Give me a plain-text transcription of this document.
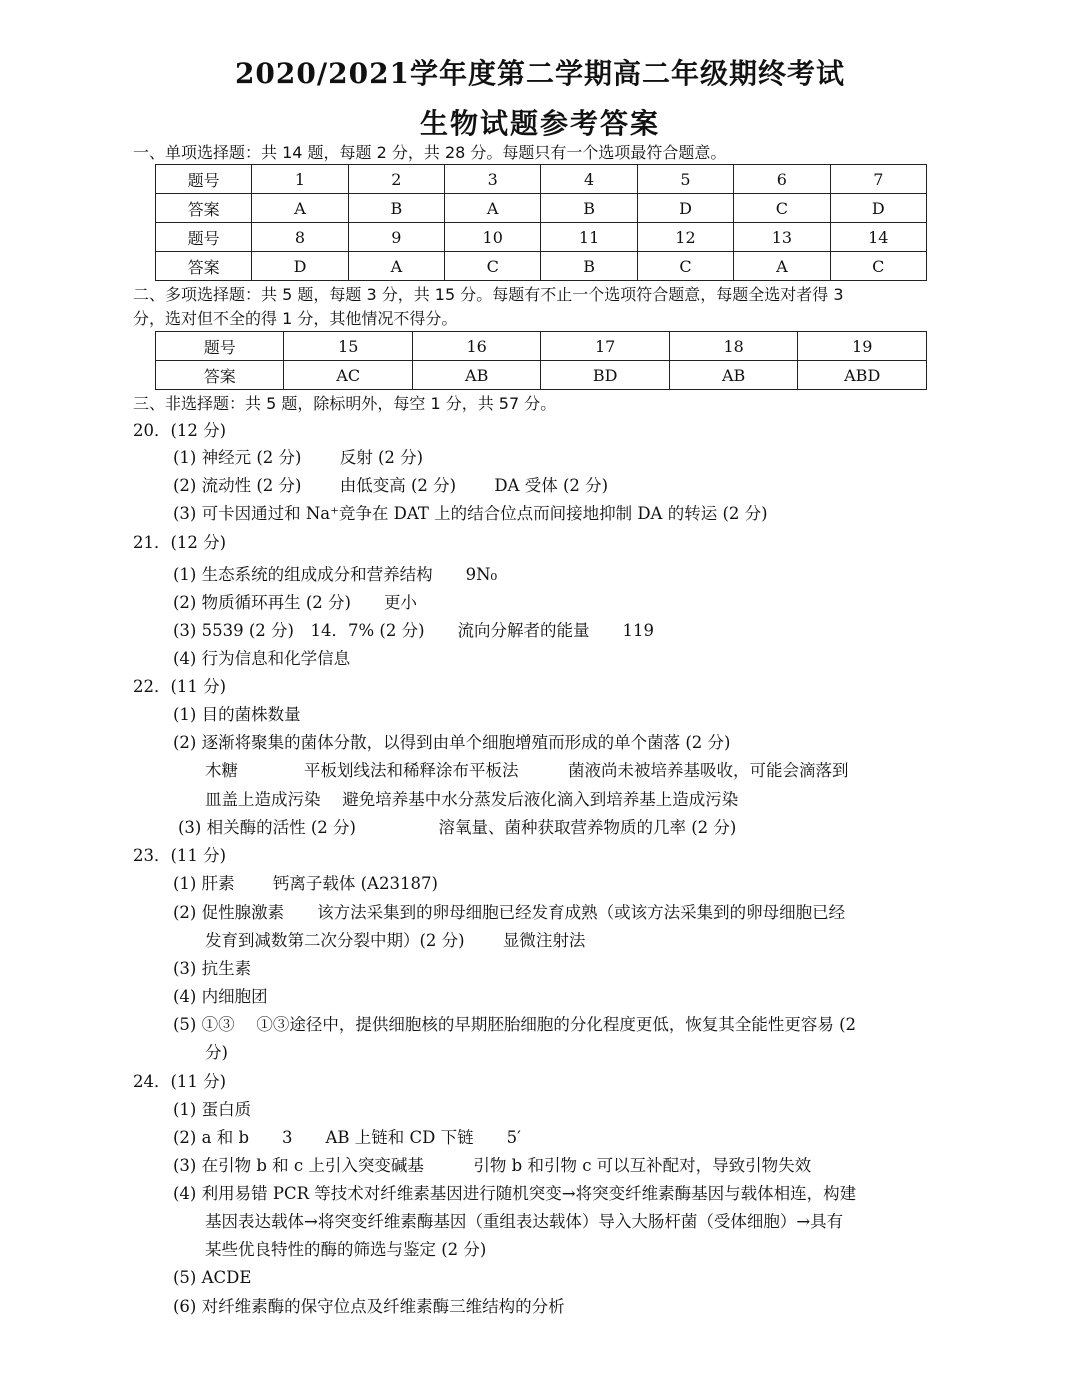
2020/2021学年度第二学期高二年级期终考试
生物试题参考答案
一、单项选择题：共 14 题，每题 2 分，共 28 分。每题只有一个选项最符合题意。
题号	1	2	3	4	5	6	7
答案	A	B	A	B	D	C	D
题号	8	9	10	11	12	13	14
答案	D	A	C	B	C	A	C
二、多项选择题：共 5 题，每题 3 分，共 15 分。每题有不止一个选项符合题意，每题全选对者得 3
分，选对但不全的得 1 分，其他情况不得分。
题号	15	16	17	18	19
答案	AC	AB	BD	AB	ABD
三、非选择题：共 5 题，除标明外，每空 1 分，共 57 分。
20．(12 分)
(1) 神经元 (2 分)　　 反射 (2 分)
(2) 流动性 (2 分)　　 由低变高 (2 分)　　 DA 受体 (2 分)
(3) 可卡因通过和 Na⁺竞争在 DAT 上的结合位点而间接地抑制 DA 的转运 (2 分)
21．(12 分)
(1) 生态系统的组成成分和营养结构　　9N₀
(2) 物质循环再生 (2 分)　　更小
(3) 5539 (2 分)　14．7% (2 分)　　流向分解者的能量　　119
(4) 行为信息和化学信息
22．(11 分)
(1) 目的菌株数量
(2) 逐渐将聚集的菌体分散，以得到由单个细胞增殖而形成的单个菌落 (2 分)
木糖　　　　平板划线法和稀释涂布平板法　　　菌液尚未被培养基吸收，可能会滴落到
皿盖上造成污染　 避免培养基中水分蒸发后液化滴入到培养基上造成污染
(3) 相关酶的活性 (2 分)　　　　　溶氧量、菌种获取营养物质的几率 (2 分)
23．(11 分)
(1) 肝素　　 钙离子载体 (A23187)
(2) 促性腺激素　　该方法采集到的卵母细胞已经发育成熟（或该方法采集到的卵母细胞已经
发育到减数第二次分裂中期）(2 分)　　 显微注射法
(3) 抗生素
(4) 内细胞团
(5) ①③　 ①③途径中，提供细胞核的早期胚胎细胞的分化程度更低，恢复其全能性更容易 (2
分)
24．(11 分)
(1) 蛋白质
(2) a 和 b　　3　　AB 上链和 CD 下链　　5′
(3) 在引物 b 和 c 上引入突变碱基　　　引物 b 和引物 c 可以互补配对，导致引物失效
(4) 利用易错 PCR 等技术对纤维素基因进行随机突变→将突变纤维素酶基因与载体相连，构建
基因表达载体→将突变纤维素酶基因（重组表达载体）导入大肠杆菌（受体细胞）→具有
某些优良特性的酶的筛选与鉴定 (2 分)
(5) ACDE
(6) 对纤维素酶的保守位点及纤维素酶三维结构的分析
